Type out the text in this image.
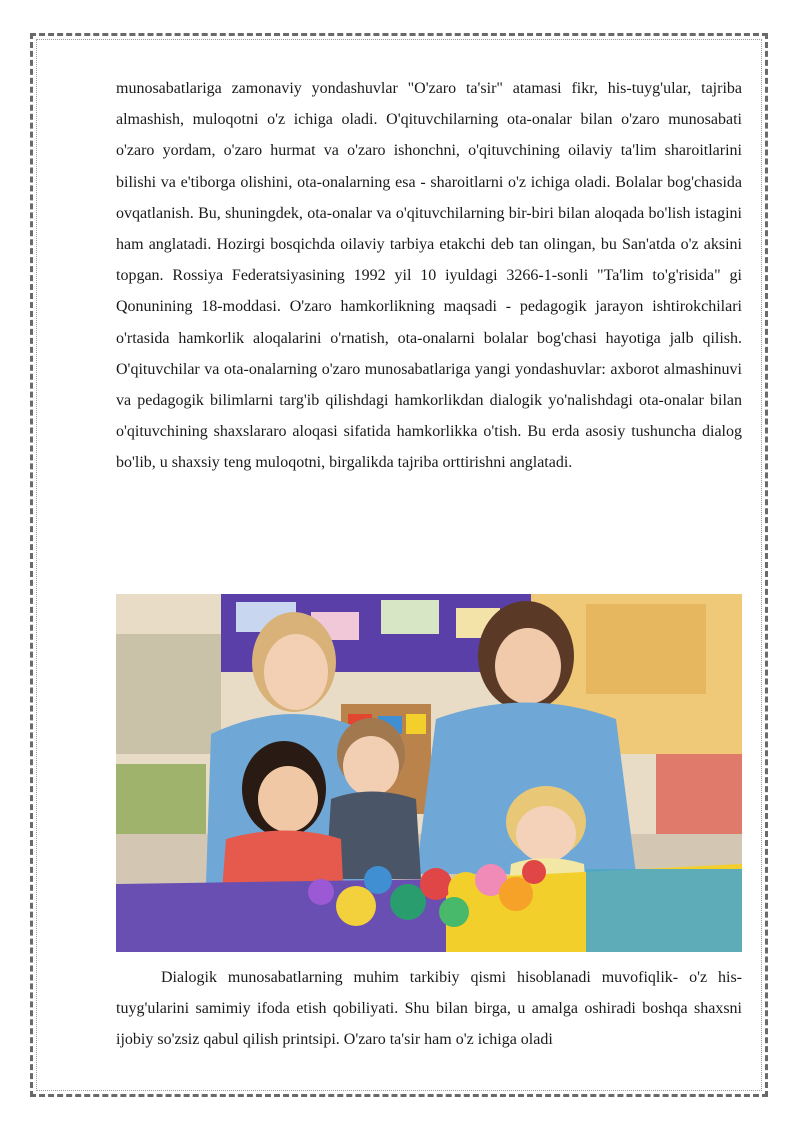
munosabatlariga zamonaviy yondashuvlar "O'zaro ta'sir" atamasi fikr, his-tuyg'ular, tajriba almashish, muloqotni o'z ichiga oladi. O'qituvchilarning ota-onalar bilan o'zaro munosabati o'zaro yordam, o'zaro hurmat va o'zaro ishonchni, o'qituvchining oilaviy ta'lim sharoitlarini bilishi va e'tiborga olishini, ota-onalarning esa - sharoitlarni o'z ichiga oladi. Bolalar bog'chasida ovqatlanish. Bu, shuningdek, ota-onalar va o'qituvchilarning bir-biri bilan aloqada bo'lish istagini ham anglatadi. Hozirgi bosqichda oilaviy tarbiya etakchi deb tan olingan, bu San'atda o'z aksini topgan. Rossiya Federatsiyasining 1992 yil 10 iyuldagi 3266-1-sonli "Ta'lim to'g'risida" gi Qonunining 18-moddasi. O'zaro hamkorlikning maqsadi - pedagogik jarayon ishtirokchilari o'rtasida hamkorlik aloqalarini o'rnatish, ota-onalarni bolalar bog'chasi hayotiga jalb qilish. O'qituvchilar va ota-onalarning o'zaro munosabatlariga yangi yondashuvlar: axborot almashinuvi va pedagogik bilimlarni targ'ib qilishdagi hamkorlikdan dialogik yo'nalishdagi ota-onalar bilan o'qituvchining shaxslararo aloqasi sifatida hamkorlikka o'tish. Bu erda asosiy tushuncha dialog bo'lib, u shaxsiy teng muloqotni, birgalikda tajriba orttirishni anglatadi.

Dialogik munosabatlarning muhim tarkibiy qismi hisoblanadi muvofiqlik- o'z his-tuyg'ularini samimiy ifoda etish qobiliyati. Shu bilan birga, u amalga oshiradi boshqa shaxsni ijobiy so'zsiz qabul qilish printsipi. O'zaro ta'sir ham o'z ichiga oladi
